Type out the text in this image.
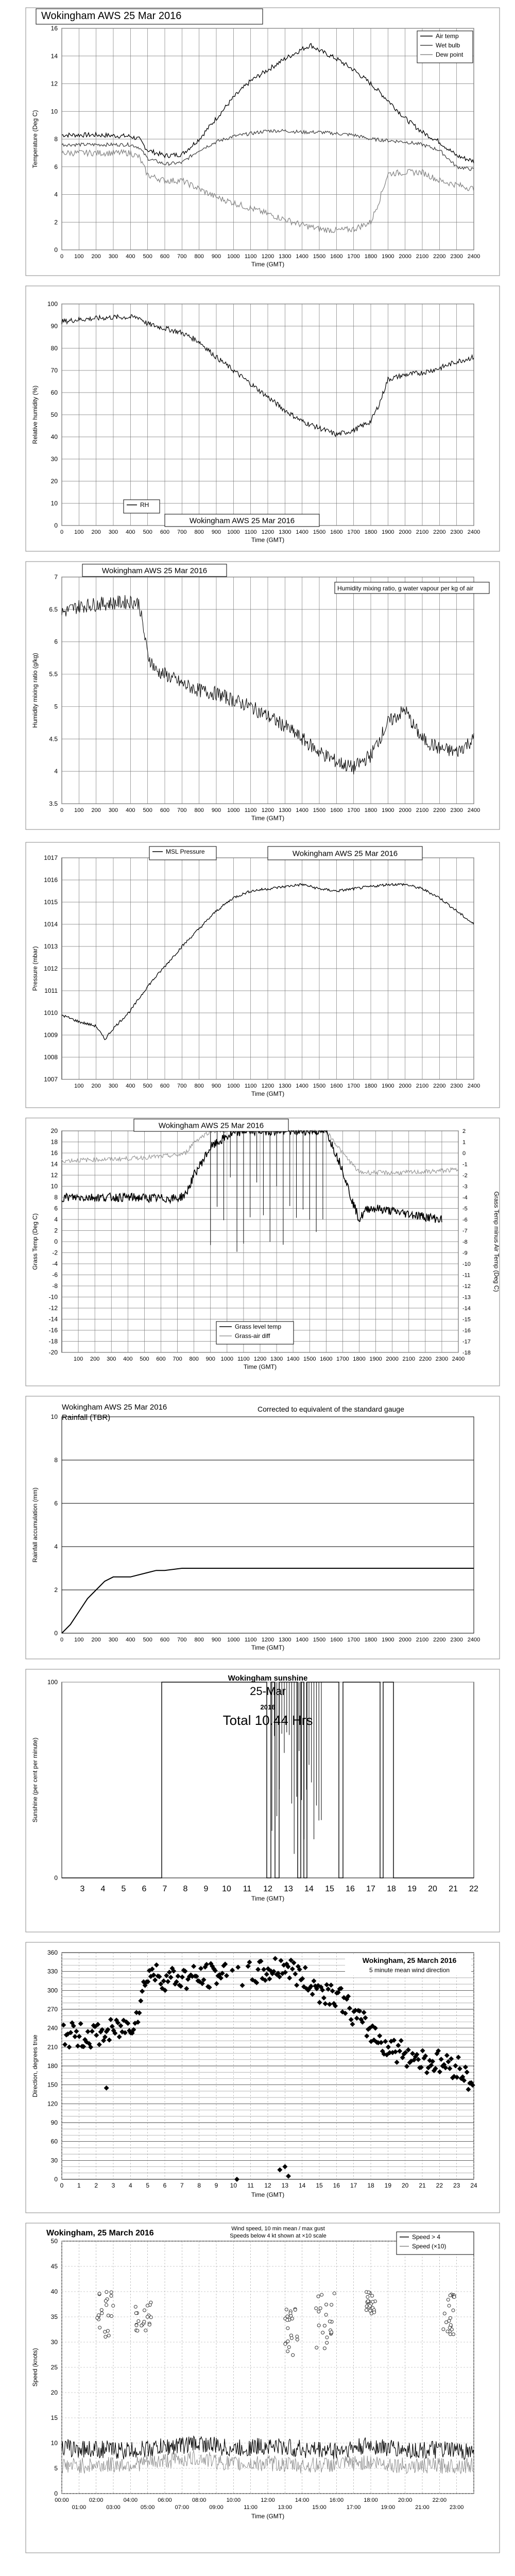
0
2
4
6
8
10
12
14
16
0 100 200 300 400 500 600 700 800 900 1000 1100 1200 1300 1400 1500 1600 1700 1800 1900 2000 2100 2200 2300 2400
Time (GMT)
Temperature (Deg C)
Wokingham AWS 25 Mar 2016
Air temp
Wet bulb
Dew point
0
10
20
30
40
50
60
70
80
90
100
0 100 200 300 400 500 600 700 800 900 1000 1100 1200 1300 1400 1500 1600 1700 1800 1900 2000 2100 2200 2300 2400
Time (GMT)
Relative humidity (%)
RH
Wokingham AWS 25 Mar 2016
3.5
4
4.5
5
5.5
6
6.5
7
0 100 200 300 400 500 600 700 800 900 1000 1100 1200 1300 1400 1500 1600 1700 1800 1900 2000 2100 2200 2300 2400
Time (GMT)
Humidity mixing ratio (g/kg)
Wokingham AWS 25 Mar 2016
Humidity mixing ratio, g water vapour per kg of air
1007
1008
1009
1010
1011
1012
1013
1014
1015
1016
1017
100 200 300 400 500 600 700 800 900 1000 1100 1200 1300 1400 1500 1600 1700 1800 1900 2000 2100 2200 2300 2400
Time (GMT)
Pressure (mbar)
MSL Pressure	Wokingham AWS 25 Mar 2016
-20
-18
-16
-14
-12
-10
-8
-6
-4
-2
0
2
4
6
8
10
12
14
16
18
20
100 200 300 400 500 600 700 800 900 1000 1100 1200 1300 1400 1500 1600 1700 1800 1900 2000 2100 2200 2300 2400
Time (GMT)
Grass Temp (Deg C)
-18
-17
-16
-15
-14
-13
-12
-11
-10
-9
-8
-7
-6
-5
-4
-3
-2
-1
0
1
2
Grass Temp minus Air Temp (Deg C)
Wokingham AWS 25 Mar 2016
Grass level temp
Grass-air diff
0
2
4
6
8
10
0 100 200 300 400 500 600 700 800 900 1000 1100 1200 1300 1400 1500 1600 1700 1800 1900 2000 2100 2200 2300 2400
Time (GMT)
Rainfall accumulation (mm)
Wokingham AWS 25 Mar 2016
Rainfall (TBR)
Corrected to equivalent of the standard gauge
0
100
3 4 5 6 7 8 9 10 11 12 13 14 15 16 17 18 19 20 21 22
Time (GMT)
Sunshine (per cent per minute)
Wokingham sunshine
25-Mar
2016
Total 10.44 Hrs
0
30
60
90
120
150
180
210
240
270
300
330
360
0 1 2 3 4 5 6 7 8 9 10 11 12 13 14 15 16 17 18 19 20 21 22 23 24
Time (GMT)
Direction, degrees true
Wokingham, 25 March 2016
5 minute mean wind direction
0
5
10
15
20
25
30
35
40
45
50
00:00	02:00	04:00	06:00	08:00	10:00	12:00	14:00	16:00	18:00	20:00	22:00
01:00	03:00	05:00	07:00	09:00	11:00	13:00	15:00	17:00	19:00	21:00	23:00
Time (GMT)
Speed (knots)
Wokingham, 25 March 2016	Wind speed, 10 min mean / max gust
Speeds below 4 kt shown at ×10 scale	Speed > 4
Speed (×10)
